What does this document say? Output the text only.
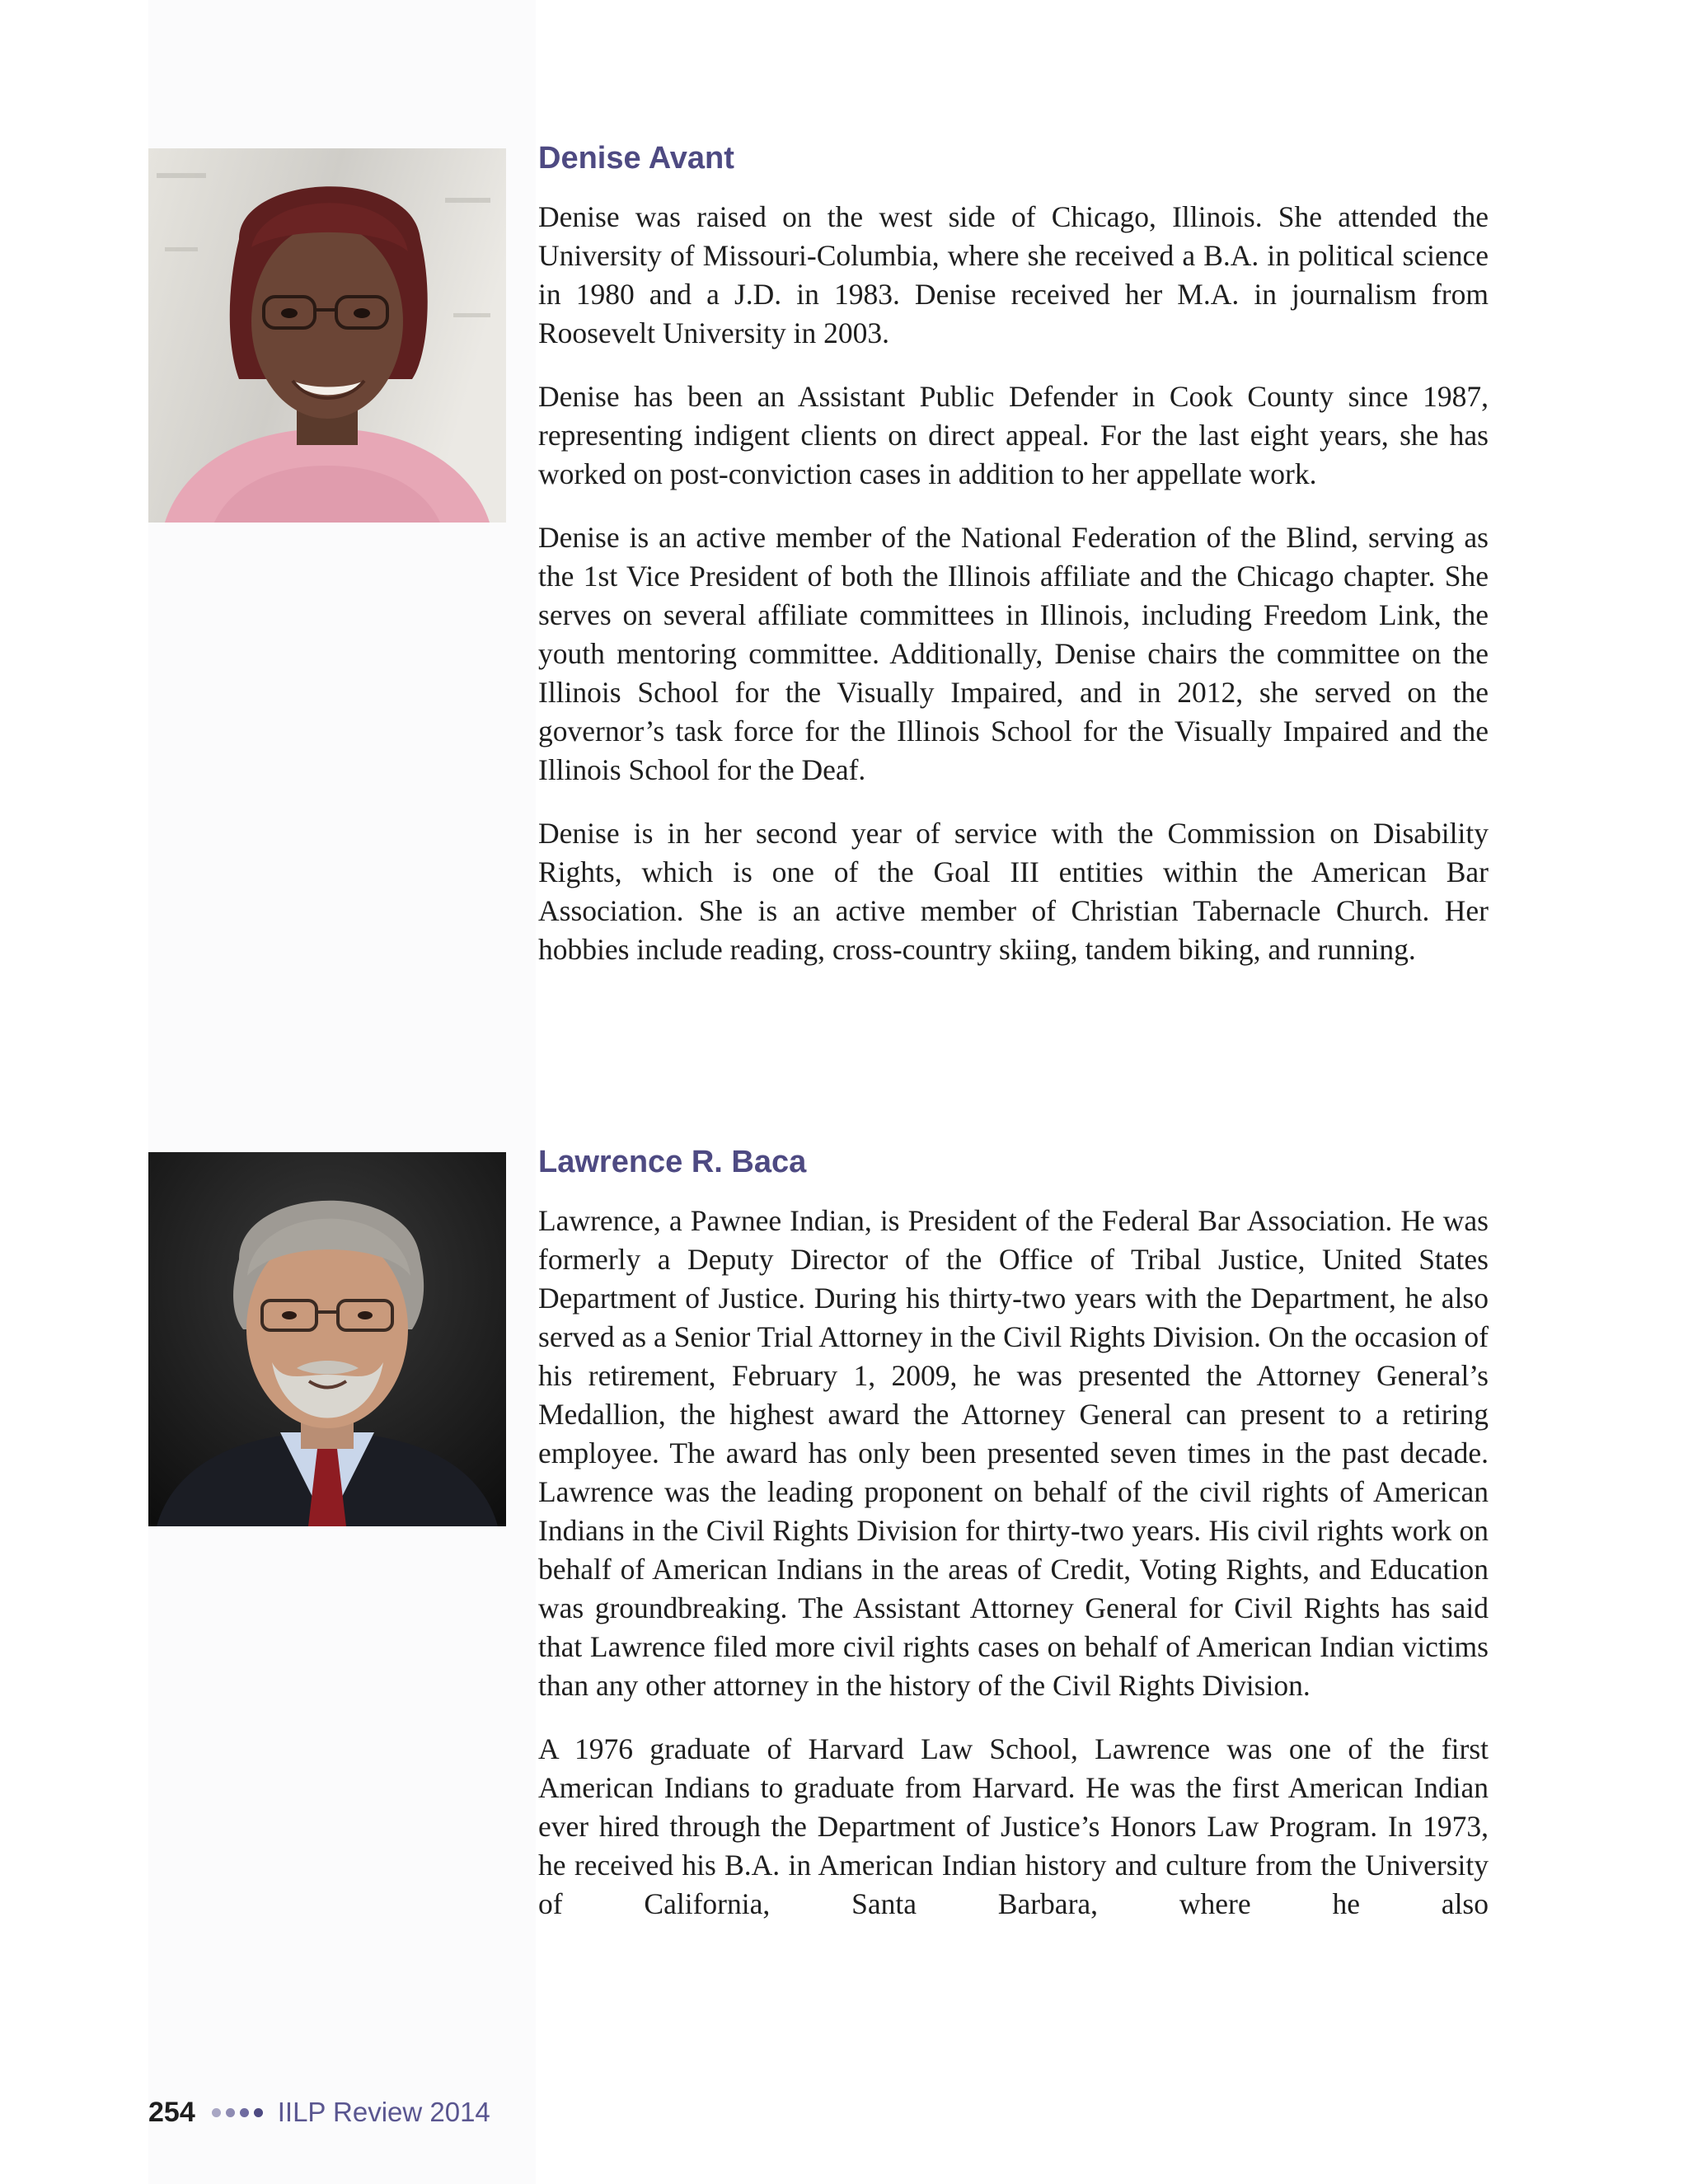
Denise Avant

Denise was raised on the west side of Chicago, Illinois. She attended the University of Missouri-Columbia, where she received a B.A. in political science in 1980 and a J.D. in 1983. Denise received her M.A. in journalism from Roosevelt University in 2003.

Denise has been an Assistant Public Defender in Cook County since 1987, representing indigent clients on direct appeal. For the last eight years, she has worked on post-conviction cases in addition to her appellate work.

Denise is an active member of the National Federation of the Blind, serving as the 1st Vice President of both the Illinois affiliate and the Chicago chapter. She serves on several affiliate committees in Illinois, including Freedom Link, the youth mentoring committee. Additionally, Denise chairs the committee on the Illinois School for the Visually Impaired, and in 2012, she served on the governor’s task force for the Illinois School for the Visually Impaired and the Illinois School for the Deaf.

Denise is in her second year of service with the Commission on Disability Rights, which is one of the Goal III entities within the American Bar Association. She is an active member of Christian Tabernacle Church. Her hobbies include reading, cross-country skiing, tandem biking, and running.

Lawrence R. Baca

Lawrence, a Pawnee Indian, is President of the Federal Bar Association. He was formerly a Deputy Director of the Office of Tribal Justice, United States Department of Justice. During his thirty-two years with the Department, he also served as a Senior Trial Attorney in the Civil Rights Division. On the occasion of his retirement, February 1, 2009, he was presented the Attorney General’s Medallion, the highest award the Attorney General can present to a retiring employee. The award has only been presented seven times in the past decade. Lawrence was the leading proponent on behalf of the civil rights of American Indians in the Civil Rights Division for thirty-two years. His civil rights work on behalf of American Indians in the areas of Credit, Voting Rights, and Education was groundbreaking. The Assistant Attorney General for Civil Rights has said that Lawrence filed more civil rights cases on behalf of American Indian victims than any other attorney in the history of the Civil Rights Division.

A 1976 graduate of Harvard Law School, Lawrence was one of the first American Indians to graduate from Harvard. He was the first American Indian ever hired through the Department of Justice’s Honors Law Program. In 1973, he received his B.A. in American Indian history and culture from the University of California, Santa Barbara, where he also

254	IILP Review 2014
